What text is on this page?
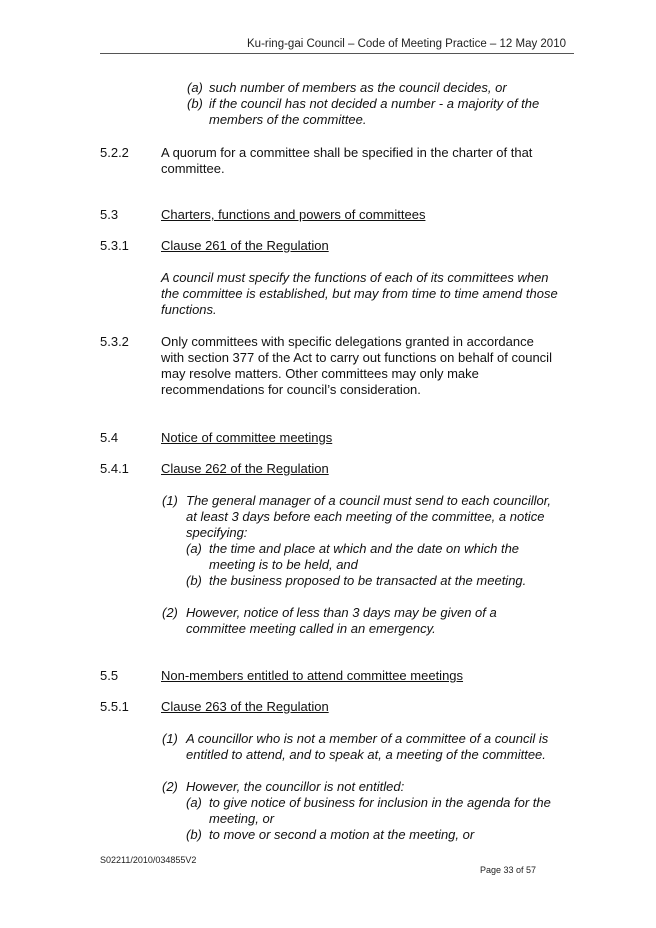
Ku-ring-gai Council – Code of Meeting Practice – 12 May 2010
(a) such number of members as the council decides, or
(b) if the council has not decided a number - a majority of the members of the committee.
5.2.2 A quorum for a committee shall be specified in the charter of that committee.
5.3	Charters, functions and powers of committees
5.3.1 Clause 261 of the Regulation
A council must specify the functions of each of its committees when the committee is established, but may from time to time amend those functions.
5.3.2 Only committees with specific delegations granted in accordance with section 377 of the Act to carry out functions on behalf of council may resolve matters. Other committees may only make recommendations for council’s consideration.
5.4	Notice of committee meetings
5.4.1 Clause 262 of the Regulation
(1) The general manager of a council must send to each councillor, at least 3 days before each meeting of the committee, a notice specifying:
(a) the time and place at which and the date on which the meeting is to be held, and
(b) the business proposed to be transacted at the meeting.
(2) However, notice of less than 3 days may be given of a committee meeting called in an emergency.
5.5	Non-members entitled to attend committee meetings
5.5.1 Clause 263 of the Regulation
(1) A councillor who is not a member of a committee of a council is entitled to attend, and to speak at, a meeting of the committee.
(2) However, the councillor is not entitled:
(a) to give notice of business for inclusion in the agenda for the meeting, or
(b) to move or second a motion at the meeting, or
S02211/2010/034855V2
Page 33 of 57
